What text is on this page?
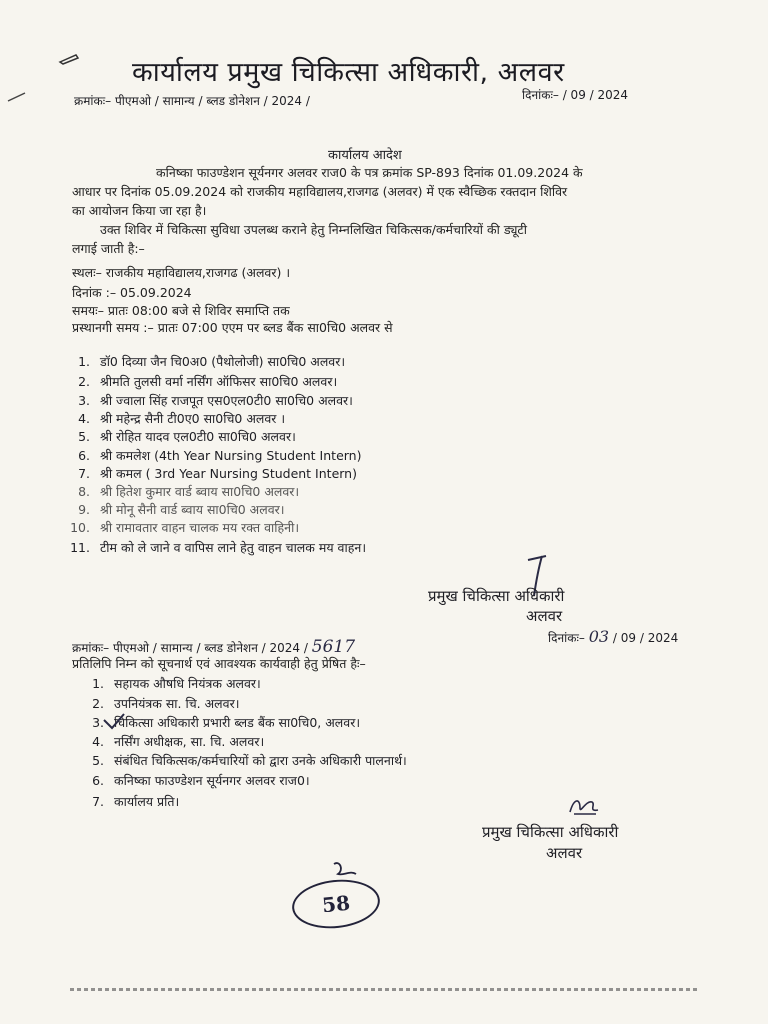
कार्यालय प्रमुख चिकित्सा अधिकारी, अलवर
क्रमांकः– पीएमओ / सामान्य / ब्लड डोनेशन / 2024 /	दिनांकः– / 09 / 2024
कार्यालय आदेश
कनिष्का फाउण्डेशन सूर्यनगर अलवर राज0 के पत्र क्रमांक SP-893 दिनांक 01.09.2024 के
आधार पर दिनांक 05.09.2024 को राजकीय महाविद्यालय,राजगढ (अलवर) में एक स्वैच्छिक रक्तदान शिविर
का आयोजन किया जा रहा है।
उक्त शिविर में चिकित्सा सुविधा उपलब्ध कराने हेतु निम्नलिखित चिकित्सक/कर्मचारियों की ड्यूटी
लगाई जाती है:–
स्थलः– राजकीय महाविद्यालय,राजगढ (अलवर) ।
दिनांक :– 05.09.2024
समयः– प्रातः 08:00 बजे से शिविर समाप्ति तक
प्रस्थानगी समय :– प्रातः 07:00 एएम पर ब्लड बैंक सा0चि0 अलवर से
1. डॉ0 दिव्या जैन चि0अ0 (पैथोलोजी) सा0चि0 अलवर।
2. श्रीमति तुलसी वर्मा नर्सिंग ऑफिसर सा0चि0 अलवर।
3. श्री ज्वाला सिंह राजपूत एस0एल0टी0 सा0चि0 अलवर।
4. श्री महेन्द्र सैनी टी0ए0 सा0चि0 अलवर ।
5. श्री रोहित यादव एल0टी0 सा0चि0 अलवर।
6. श्री कमलेश (4th Year Nursing Student Intern)
7. श्री कमल ( 3rd Year Nursing Student Intern)
8. श्री हितेश कुमार वार्ड ब्वाय सा0चि0 अलवर।
9. श्री मोनू सैनी वार्ड ब्वाय सा0चि0 अलवर।
10. श्री रामावतार वाहन चालक मय रक्त वाहिनी।
11. टीम को ले जाने व वापिस लाने हेतु वाहन चालक मय वाहन।
प्रमुख चिकित्सा अधिकारी
अलवर
क्रमांकः– पीएमओ / सामान्य / ब्लड डोनेशन / 2024 / 5617	दिनांकः– 03 / 09 / 2024
प्रतिलिपि निम्न को सूचनार्थ एवं आवश्यक कार्यवाही हेतु प्रेषित हैः–
1. सहायक औषधि नियंत्रक अलवर।
2. उपनियंत्रक सा. चि. अलवर।
3. चिकित्सा अधिकारी प्रभारी ब्लड बैंक सा0चि0, अलवर।
4. नर्सिंग अधीक्षक, सा. चि. अलवर।
5. संबंधित चिकित्सक/कर्मचारियों को द्वारा उनके अधिकारी पालनार्थ।
6. कनिष्का फाउण्डेशन सूर्यनगर अलवर राज0।
7. कार्यालय प्रति।
प्रमुख चिकित्सा अधिकारी
अलवर
58
